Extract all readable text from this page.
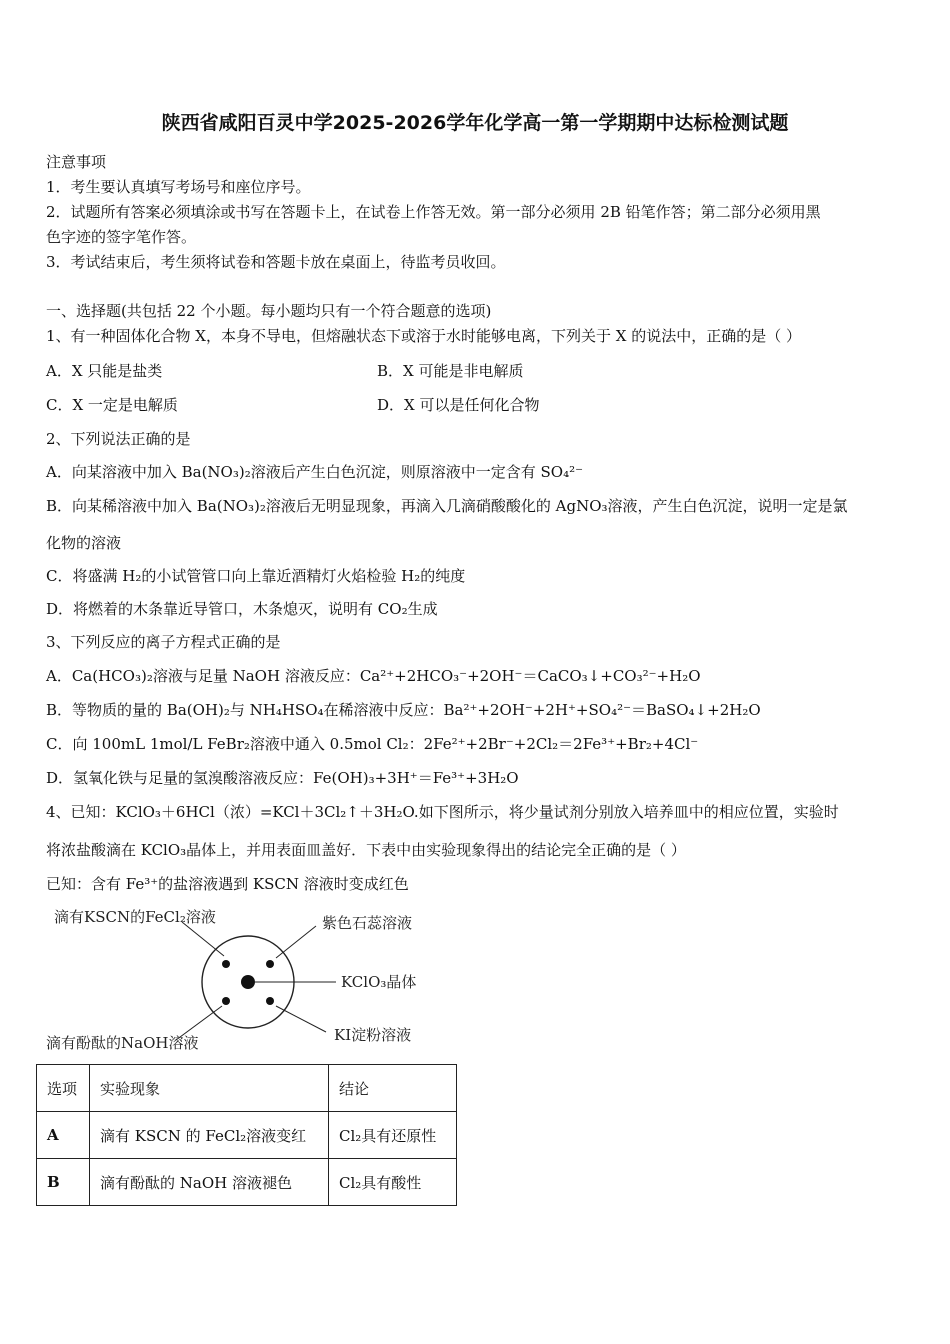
陕西省咸阳百灵中学2025-2026学年化学高一第一学期期中达标检测试题
注意事项
1．考生要认真填写考场号和座位序号。
2．试题所有答案必须填涂或书写在答题卡上，在试卷上作答无效。第一部分必须用 2B 铅笔作答；第二部分必须用黑
色字迹的签字笔作答。
3．考试结束后，考生须将试卷和答题卡放在桌面上，待监考员收回。
一、选择题(共包括 22 个小题。每小题均只有一个符合题意的选项)
1、有一种固体化合物 X，本身不导电，但熔融状态下或溶于水时能够电离，下列关于 X 的说法中，正确的是（ ）
A．X 只能是盐类	B．X 可能是非电解质
C．X 一定是电解质	D．X 可以是任何化合物
2、下列说法正确的是
A．向某溶液中加入 Ba(NO₃)₂溶液后产生白色沉淀，则原溶液中一定含有 SO₄²⁻
B．向某稀溶液中加入 Ba(NO₃)₂溶液后无明显现象，再滴入几滴硝酸酸化的 AgNO₃溶液，产生白色沉淀，说明一定是氯
化物的溶液
C．将盛满 H₂的小试管管口向上靠近酒精灯火焰检验 H₂的纯度
D．将燃着的木条靠近导管口，木条熄灭，说明有 CO₂生成
3、下列反应的离子方程式正确的是
A．Ca(HCO₃)₂溶液与足量 NaOH 溶液反应：Ca²⁺+2HCO₃⁻+2OH⁻＝CaCO₃↓+CO₃²⁻+H₂O
B．等物质的量的 Ba(OH)₂与 NH₄HSO₄在稀溶液中反应：Ba²⁺+2OH⁻+2H⁺+SO₄²⁻＝BaSO₄↓+2H₂O
C．向 100mL 1mol/L FeBr₂溶液中通入 0.5mol Cl₂：2Fe²⁺+2Br⁻+2Cl₂＝2Fe³⁺+Br₂+4Cl⁻
D．氢氧化铁与足量的氢溴酸溶液反应：Fe(OH)₃+3H⁺＝Fe³⁺+3H₂O
4、已知：KClO₃＋6HCl（浓）=KCl＋3Cl₂↑＋3H₂O.如下图所示，将少量试剂分别放入培养皿中的相应位置，实验时
将浓盐酸滴在 KClO₃晶体上，并用表面皿盖好．下表中由实验现象得出的结论完全正确的是（ ）
已知：含有 Fe³⁺的盐溶液遇到 KSCN 溶液时变成红色
滴有KSCN的FeCl₂溶液	紫色石蕊溶液
KClO₃晶体
滴有酚酞的NaOH溶液	KI淀粉溶液
选项	实验现象	结论
A	滴有 KSCN 的 FeCl₂溶液变红	Cl₂具有还原性
B	滴有酚酞的 NaOH 溶液褪色	Cl₂具有酸性
